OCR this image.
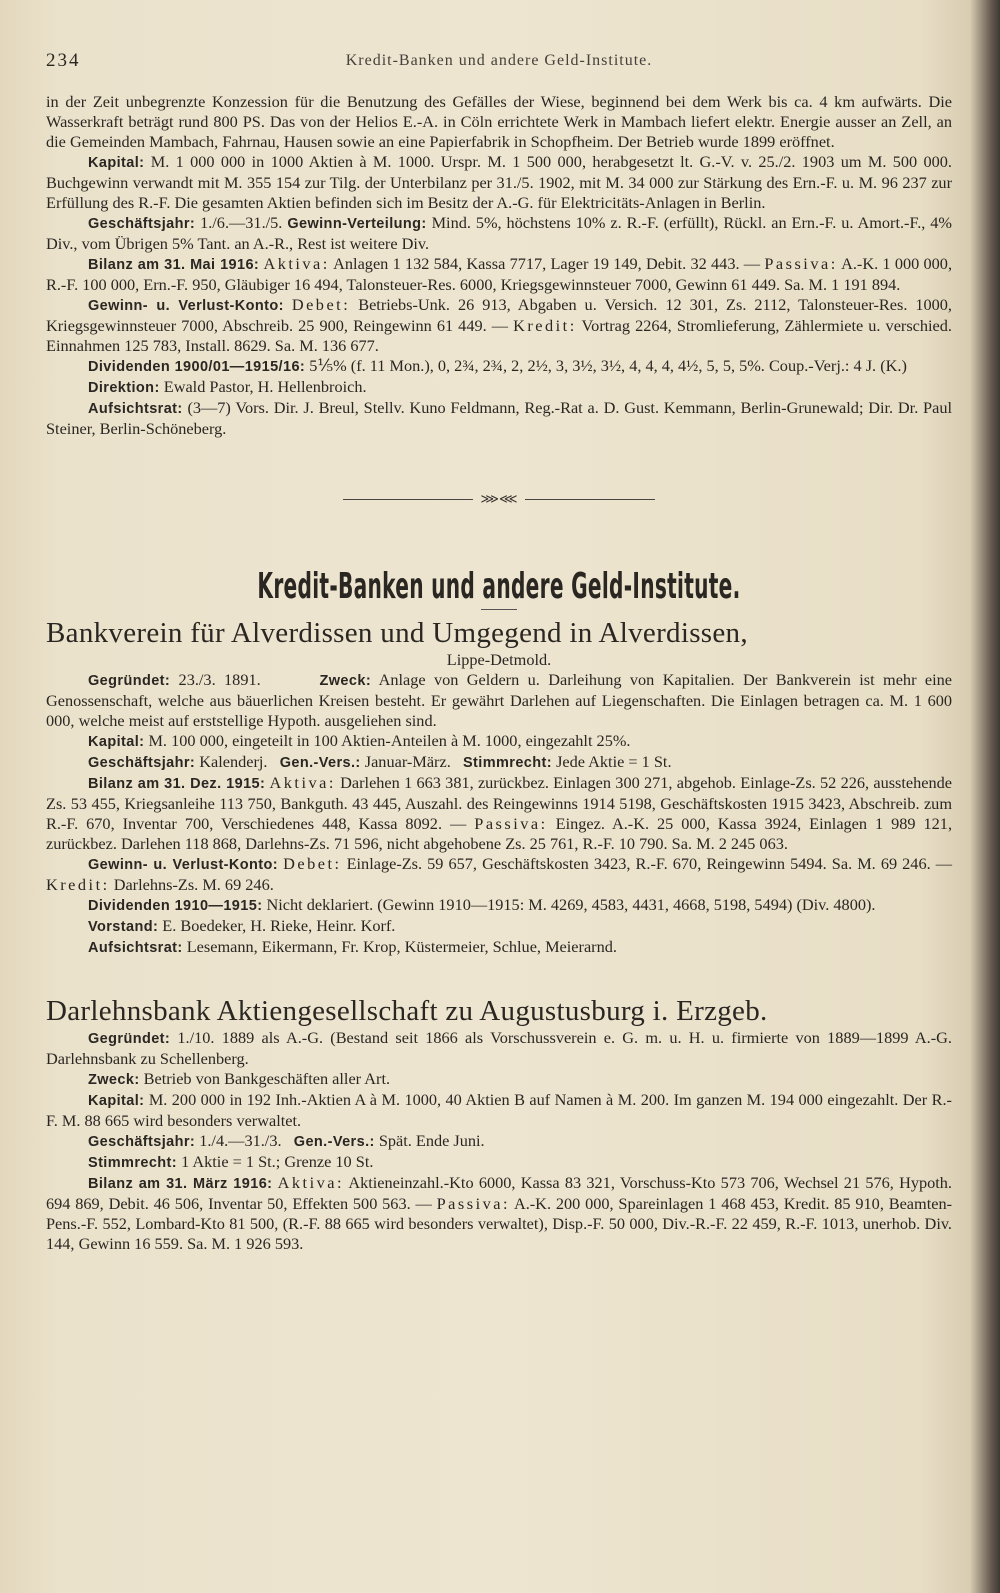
234	Kredit-Banken und andere Geld-Institute.

in der Zeit unbegrenzte Konzession für die Benutzung des Gefälles der Wiese, beginnend bei dem Werk bis ca. 4 km aufwärts. Die Wasserkraft beträgt rund 800 PS. Das von der Helios E.-A. in Cöln errichtete Werk in Mambach liefert elektr. Energie ausser an Zell, an die Gemeinden Mambach, Fahrnau, Hausen sowie an eine Papierfabrik in Schopfheim. Der Betrieb wurde 1899 eröffnet.

Kapital: M. 1 000 000 in 1000 Aktien à M. 1000. Urspr. M. 1 500 000, herabgesetzt lt. G.-V. v. 25./2. 1903 um M. 500 000. Buchgewinn verwandt mit M. 355 154 zur Tilg. der Unterbilanz per 31./5. 1902, mit M. 34 000 zur Stärkung des Ern.-F. u. M. 96 237 zur Erfüllung des R.-F. Die gesamten Aktien befinden sich im Besitz der A.-G. für Elektricitäts-Anlagen in Berlin.

Geschäftsjahr: 1./6.—31./5. Gewinn-Verteilung: Mind. 5%, höchstens 10% z. R.-F. (erfüllt), Rückl. an Ern.-F. u. Amort.-F., 4% Div., vom Übrigen 5% Tant. an A.-R., Rest ist weitere Div.

Bilanz am 31. Mai 1916: Aktiva: Anlagen 1 132 584, Kassa 7717, Lager 19 149, Debit. 32 443. — Passiva: A.-K. 1 000 000, R.-F. 100 000, Ern.-F. 950, Gläubiger 16 494, Talonsteuer-Res. 6000, Kriegsgewinnsteuer 7000, Gewinn 61 449. Sa. M. 1 191 894.

Gewinn- u. Verlust-Konto: Debet: Betriebs-Unk. 26 913, Abgaben u. Versich. 12 301, Zs. 2112, Talonsteuer-Res. 1000, Kriegsgewinnsteuer 7000, Abschreib. 25 900, Reingewinn 61 449. — Kredit: Vortrag 2264, Stromlieferung, Zählermiete u. verschied. Einnahmen 125 783, Install. 8629. Sa. M. 136 677.

Dividenden 1900/01—1915/16: 5⅕% (f. 11 Mon.), 0, 2¾, 2¾, 2, 2½, 3, 3½, 3½, 4, 4, 4, 4½, 5, 5, 5%. Coup.-Verj.: 4 J. (K.)

Direktion: Ewald Pastor, H. Hellenbroich.

Aufsichtsrat: (3—7) Vors. Dir. J. Breul, Stellv. Kuno Feldmann, Reg.-Rat a. D. Gust. Kemmann, Berlin-Grunewald; Dir. Dr. Paul Steiner, Berlin-Schöneberg.

⋙⋘
Kredit-Banken und andere Geld-Institute.
Bankverein für Alverdissen und Umgegend in Alverdissen,
Lippe-Detmold.

Gegründet: 23./3. 1891.	Zweck: Anlage von Geldern u. Darleihung von Kapitalien. Der Bankverein ist mehr eine Genossenschaft, welche aus bäuerlichen Kreisen besteht. Er gewährt Darlehen auf Liegenschaften. Die Einlagen betragen ca. M. 1 600 000, welche meist auf erststellige Hypoth. ausgeliehen sind.

Kapital: M. 100 000, eingeteilt in 100 Aktien-Anteilen à M. 1000, eingezahlt 25%.

Geschäftsjahr: Kalenderj. Gen.-Vers.: Januar-März. Stimmrecht: Jede Aktie = 1 St.

Bilanz am 31. Dez. 1915: Aktiva: Darlehen 1 663 381, zurückbez. Einlagen 300 271, abgehob. Einlage-Zs. 52 226, ausstehende Zs. 53 455, Kriegsanleihe 113 750, Bankguth. 43 445, Auszahl. des Reingewinns 1914 5198, Geschäftskosten 1915 3423, Abschreib. zum R.-F. 670, Inventar 700, Verschiedenes 448, Kassa 8092. — Passiva: Eingez. A.-K. 25 000, Kassa 3924, Einlagen 1 989 121, zurückbez. Darlehen 118 868, Darlehns-Zs. 71 596, nicht abgehobene Zs. 25 761, R.-F. 10 790. Sa. M. 2 245 063.

Gewinn- u. Verlust-Konto: Debet: Einlage-Zs. 59 657, Geschäftskosten 3423, R.-F. 670, Reingewinn 5494. Sa. M. 69 246. — Kredit: Darlehns-Zs. M. 69 246.

Dividenden 1910—1915: Nicht deklariert. (Gewinn 1910—1915: M. 4269, 4583, 4431, 4668, 5198, 5494) (Div. 4800).

Vorstand: E. Boedeker, H. Rieke, Heinr. Korf.

Aufsichtsrat: Lesemann, Eikermann, Fr. Krop, Küstermeier, Schlue, Meierarnd.

Darlehnsbank Aktiengesellschaft zu Augustusburg i. Erzgeb.

Gegründet: 1./10. 1889 als A.-G. (Bestand seit 1866 als Vorschussverein e. G. m. u. H. u. firmierte von 1889—1899 A.-G. Darlehnsbank zu Schellenberg.

Zweck: Betrieb von Bankgeschäften aller Art.

Kapital: M. 200 000 in 192 Inh.-Aktien A à M. 1000, 40 Aktien B auf Namen à M. 200. Im ganzen M. 194 000 eingezahlt. Der R.-F. M. 88 665 wird besonders verwaltet.

Geschäftsjahr: 1./4.—31./3. Gen.-Vers.: Spät. Ende Juni.

Stimmrecht: 1 Aktie = 1 St.; Grenze 10 St.

Bilanz am 31. März 1916: Aktiva: Aktieneinzahl.-Kto 6000, Kassa 83 321, Vorschuss-Kto 573 706, Wechsel 21 576, Hypoth. 694 869, Debit. 46 506, Inventar 50, Effekten 500 563. — Passiva: A.-K. 200 000, Spareinlagen 1 468 453, Kredit. 85 910, Beamten-Pens.-F. 552, Lombard-Kto 81 500, (R.-F. 88 665 wird besonders verwaltet), Disp.-F. 50 000, Div.-R.-F. 22 459, R.-F. 1013, unerhob. Div. 144, Gewinn 16 559. Sa. M. 1 926 593.
